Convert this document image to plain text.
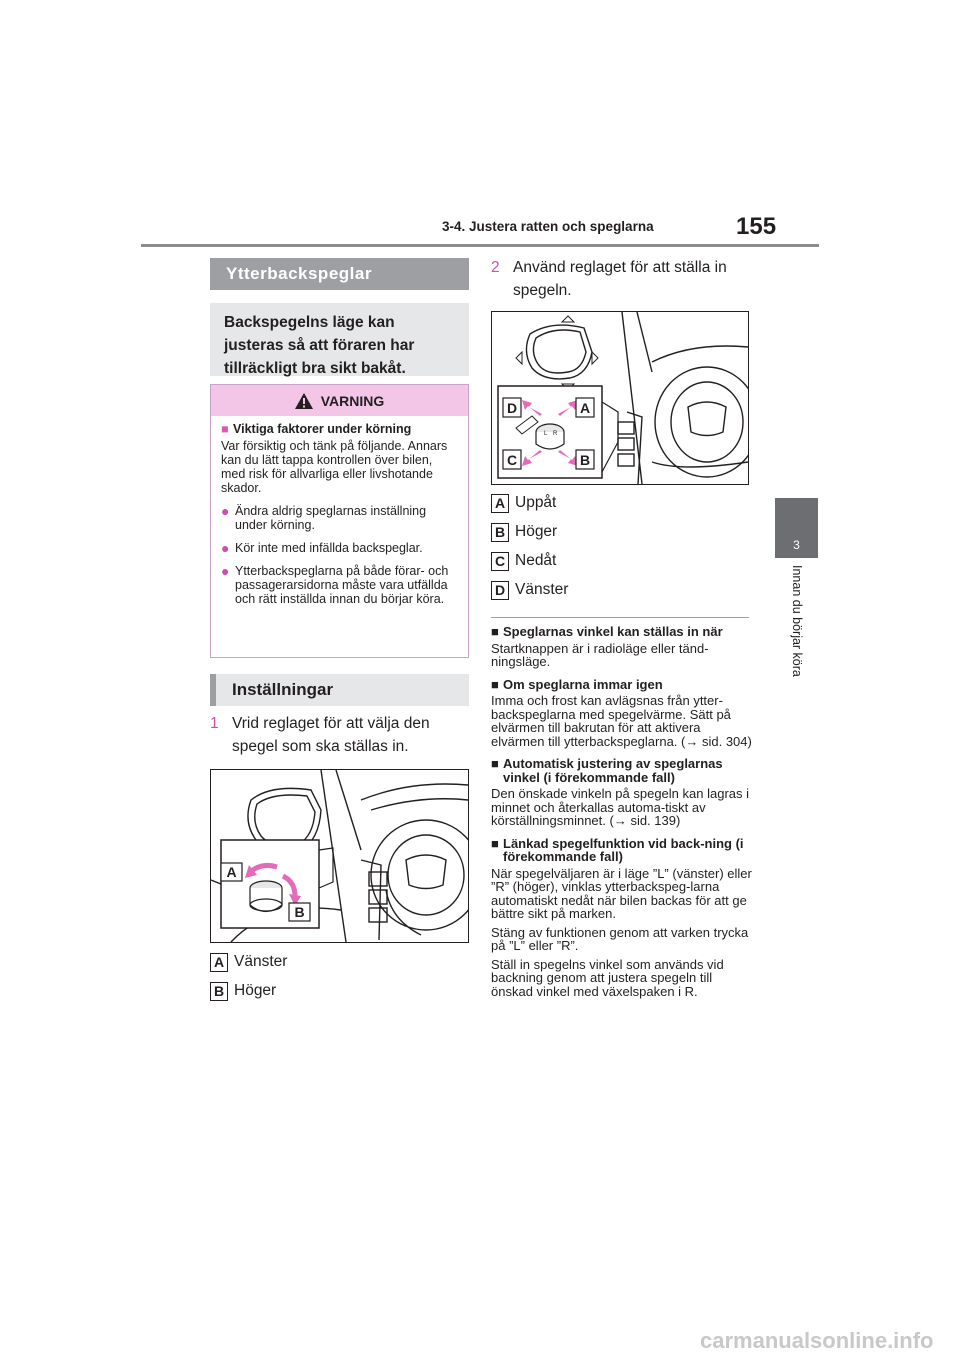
3-4. Justera ratten och speglarna	155
3
Innan du börjar köra
Ytterbackspeglar
Backspegelns läge kan justeras så att föraren har tillräckligt bra sikt bakåt.
VARNING
■ Viktiga faktorer under körning
Var försiktig och tänk på följande. Annars kan du lätt tappa kontrollen över bilen, med risk för allvarliga eller livshotande skador.
● Ändra aldrig speglarnas inställning under körning.
● Kör inte med infällda backspeglar.
● Ytterbackspeglarna på både förar- och passagerarsidorna måste vara utfällda och rätt inställda innan du börjar köra.
Inställningar
1 Vrid reglaget för att välja den spegel som ska ställas in.
A
B
A Vänster
B Höger
2 Använd reglaget för att ställa in spegeln.
L R
D	A
C	B
A Uppåt
B Höger
C Nedåt
D Vänster
■ Speglarnas vinkel kan ställas in när

Startknappen är i radioläge eller tänd-ningsläge.

■ Om speglarna immar igen

Imma och frost kan avlägsnas från ytter-backspeglarna med spegelvärme. Sätt på elvärmen till bakrutan för att aktivera elvärmen till ytterbackspeglarna. (→ sid. 304)

■ Automatisk justering av speglarnas vinkel (i förekommande fall)

Den önskade vinkeln på spegeln kan lagras i minnet och återkallas automa-tiskt av körställningsminnet. (→ sid. 139)

■ Länkad spegelfunktion vid back-ning (i förekommande fall)

När spegelväljaren är i läge ”L” (vänster) eller ”R” (höger), vinklas ytterbackspeg-larna automatiskt nedåt när bilen backas för att ge bättre sikt på marken.

Stäng av funktionen genom att varken trycka på ”L” eller ”R”.

Ställ in spegelns vinkel som används vid backning genom att justera spegeln till önskad vinkel med växelspaken i R.

carmanualsonline.info
